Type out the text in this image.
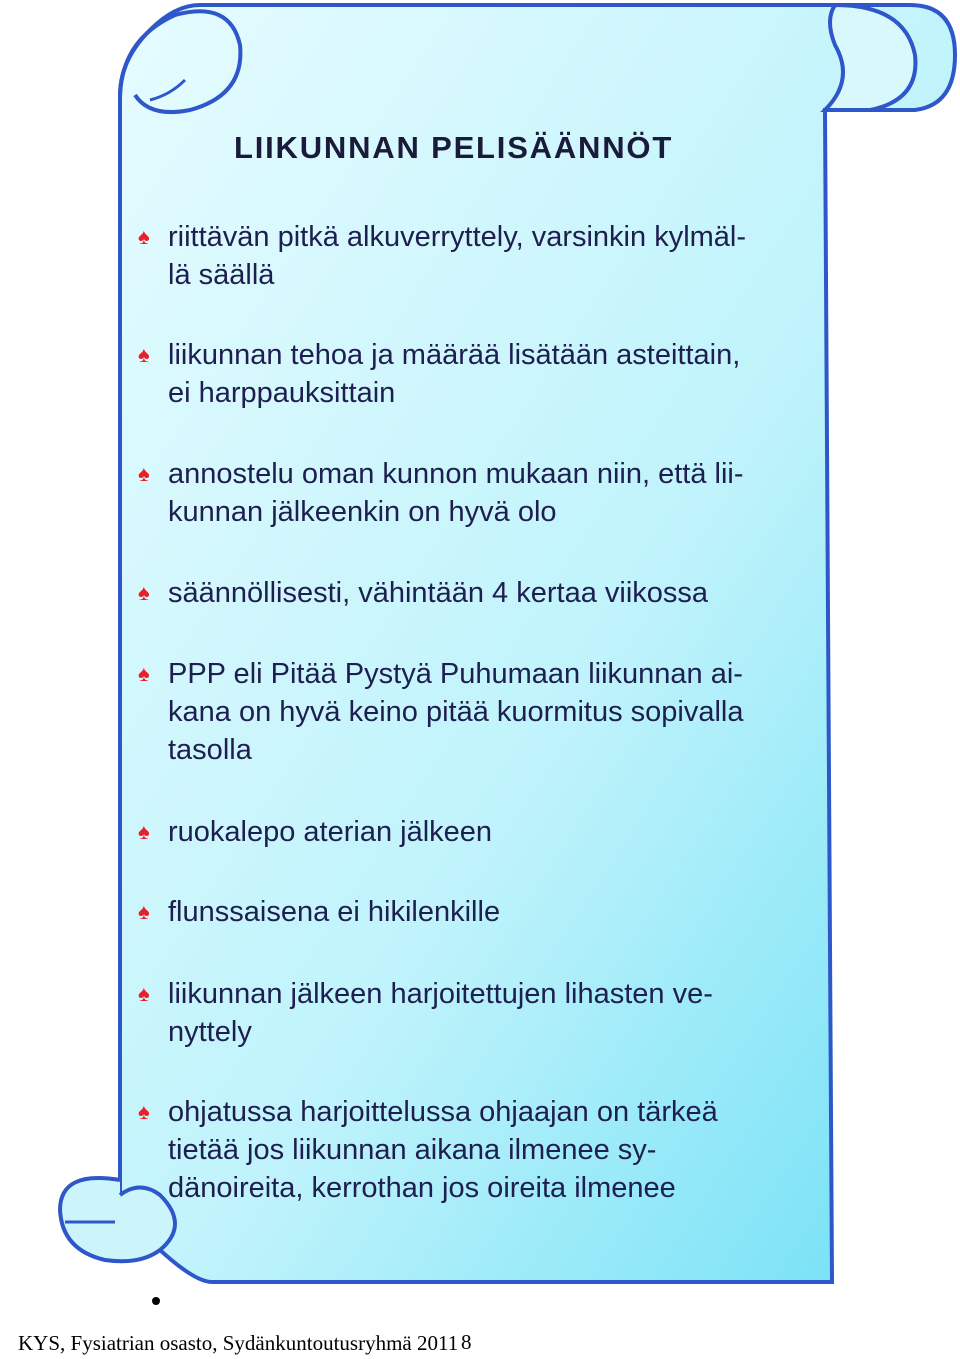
LIIKUNNAN PELISÄÄNNÖT
♠ riittävän pitkä alkuverryttely, varsinkin kylmäl-
lä säällä
♠ liikunnan tehoa ja määrää lisätään asteittain,
ei harppauksittain
♠ annostelu oman kunnon mukaan niin, että lii-
kunnan jälkeenkin on hyvä olo
♠ säännöllisesti, vähintään 4 kertaa viikossa
♠ PPP eli Pitää Pystyä Puhumaan liikunnan ai-
kana on hyvä keino pitää kuormitus sopivalla
tasolla
♠ ruokalepo aterian jälkeen
♠ flunssaisena ei hikilenkille
♠ liikunnan jälkeen harjoitettujen lihasten ve-
nyttely
♠ ohjatussa harjoittelussa ohjaajan on tärkeä
tietää jos liikunnan aikana ilmenee sy-
dänoireita, kerrothan jos oireita ilmenee
KYS, Fysiatrian osasto, Sydänkuntoutusryhmä 2011 8
